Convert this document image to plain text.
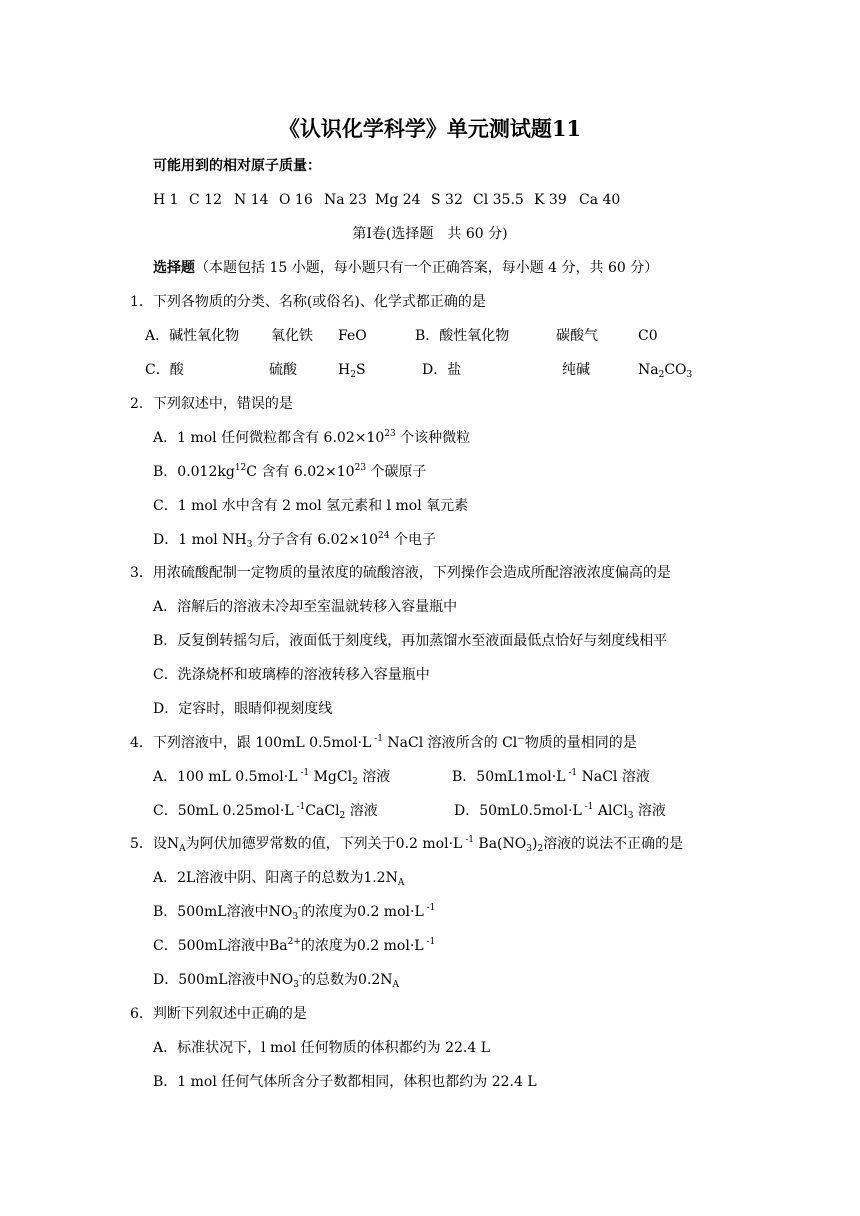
《认识化学科学》单元测试题11
可能用到的相对原子质量：
H 1 C 12 N 14 O 16 Na 23 Mg 24 S 32 Cl 35.5 K 39 Ca 40
第Ⅰ卷(选择题　共 60 分)
选择题（本题包括 15 小题，每小题只有一个正确答案，每小题 4 分，共 60 分）
1．下列各物质的分类、名称(或俗名)、化学式都正确的是
A．碱性氧化物 氧化铁 FeO	B．酸性氧化物	碳酸气	C0
C．酸	硫酸	$H_2S$	D．盐	纯碱	$Na_2CO_3$
2．下列叙述中，错误的是
A．1 mol 任何微粒都含有 $6.02\times 10^{23}$ 个该种微粒
B．$0.012kg^{12}C$ 含有 $6.02\times 10^{23}$ 个碳原子
C．1 mol 水中含有 2 mol 氢元素和 l mol 氧元素
D．1 mol $NH_3$ 分子含有 $6.02\times 10^{24}$ 个电子
3．用浓硫酸配制一定物质的量浓度的硫酸溶液，下列操作会造成所配溶液浓度偏高的是
A．溶解后的溶液未冷却至室温就转移入容量瓶中
B．反复倒转摇匀后，液面低于刻度线，再加蒸馏水至液面最低点恰好与刻度线相平
C．洗涤烧杯和玻璃棒的溶液转移入容量瓶中
D．定容时，眼睛仰视刻度线
4．下列溶液中，跟 100mL 0.5mol·L $^{-1}$ NaCl 溶液所含的 Cl−物质的量相同的是
A．100 mL 0.5mol·L $^{-1}$ MgCl$_2$ 溶液	B．50mL1mol·L $^{-1}$ NaCl 溶液
C．50mL 0.25mol·L $^{-1}$CaCl$_2$ 溶液	D．50mL0.5mol·L $^{-1}$ AlCl$_3$ 溶液
5．设$N_A$为阿伏加德罗常数的值，下列关于0.2 mol·L $^{-1}$ $Ba(NO_3)_2$溶液的说法不正确的是
A．2L溶液中阴、阳离子的总数为$1.2N_A$
B．500mL溶液中$NO_3^-$的浓度为0.2 mol·L $^{-1}$
C．500mL溶液中$Ba^{2+}$的浓度为0.2 mol·L $^{-1}$
D．500mL溶液中$NO_3^-$的总数为$0.2N_A$
6．判断下列叙述中正确的是
A．标准状况下，l mol 任何物质的体积都约为 22.4 L
B．1 mol 任何气体所含分子数都相同，体积也都约为 22.4 L
